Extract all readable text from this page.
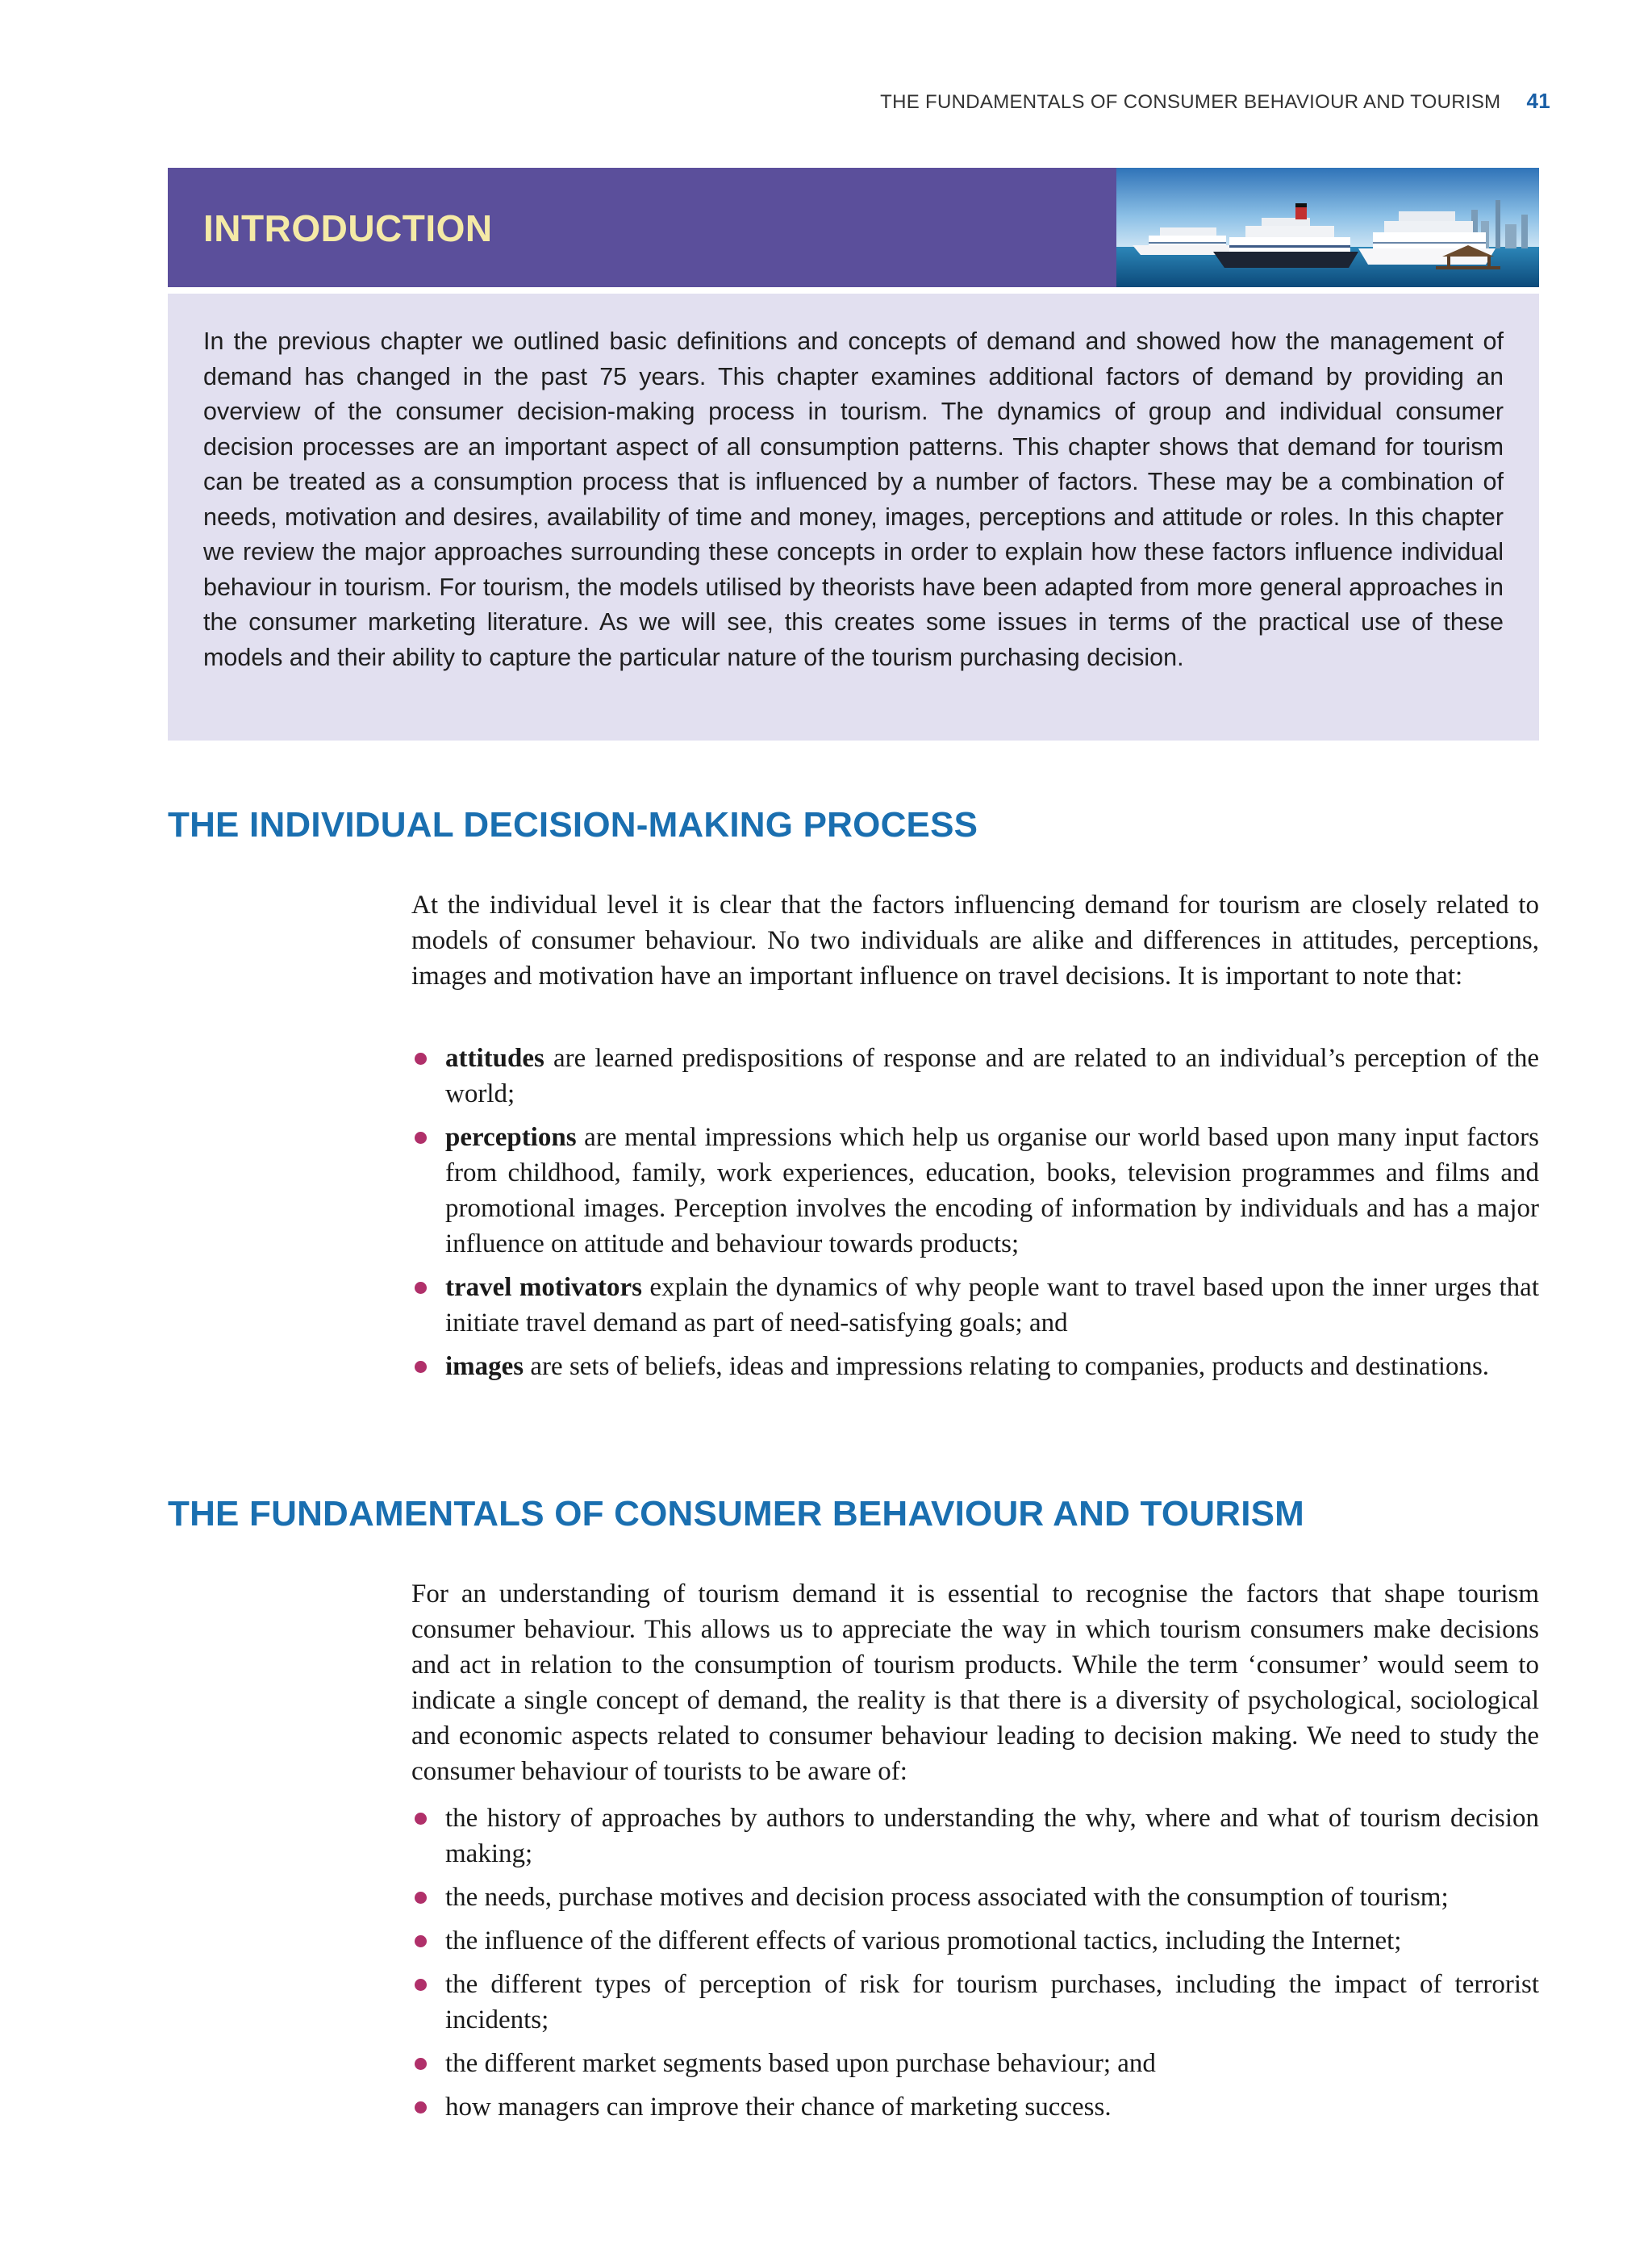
THE FUNDAMENTALS OF CONSUMER BEHAVIOUR AND TOURISM 41
INTRODUCTION

In the previous chapter we outlined basic definitions and concepts of demand and showed how the management of demand has changed in the past 75 years. This chapter examines additional factors of demand by providing an overview of the consumer decision-making process in tourism. The dynamics of group and individual consumer decision processes are an important aspect of all consumption patterns. This chapter shows that demand for tourism can be treated as a consumption process that is influenced by a number of factors. These may be a combination of needs, motivation and desires, availability of time and money, images, perceptions and attitude or roles. In this chapter we review the major approaches surrounding these concepts in order to explain how these factors influence individual behaviour in tourism. For tourism, the models utilised by theorists have been adapted from more general approaches in the consumer marketing literature. As we will see, this creates some issues in terms of the practical use of these models and their ability to capture the particular nature of the tourism purchasing decision.

THE INDIVIDUAL DECISION-MAKING PROCESS

At the individual level it is clear that the factors influencing demand for tourism are closely related to models of consumer behaviour. No two individuals are alike and differences in attitudes, perceptions, images and motivation have an important influence on travel decisions. It is important to note that:

attitudes are learned predispositions of response and are related to an individual’s perception of the world;
perceptions are mental impressions which help us organise our world based upon many input factors from childhood, family, work experiences, education, books, television programmes and films and promotional images. Perception involves the encoding of information by individuals and has a major influence on attitude and behaviour towards products;
travel motivators explain the dynamics of why people want to travel based upon the inner urges that initiate travel demand as part of need-satisfying goals; and
images are sets of beliefs, ideas and impressions relating to companies, products and destinations.
THE FUNDAMENTALS OF CONSUMER BEHAVIOUR AND TOURISM

For an understanding of tourism demand it is essential to recognise the factors that shape tourism consumer behaviour. This allows us to appreciate the way in which tourism consumers make decisions and act in relation to the consumption of tourism products. While the term ‘consumer’ would seem to indicate a single concept of demand, the reality is that there is a diversity of psychological, sociological and economic aspects related to consumer behaviour leading to decision making. We need to study the consumer behaviour of tourists to be aware of:

the history of approaches by authors to understanding the why, where and what of tourism decision making;
the needs, purchase motives and decision process associated with the consumption of tourism;
the influence of the different effects of various promotional tactics, including the Internet;
the different types of perception of risk for tourism purchases, including the impact of terrorist incidents;
the different market segments based upon purchase behaviour; and
how managers can improve their chance of marketing success.
